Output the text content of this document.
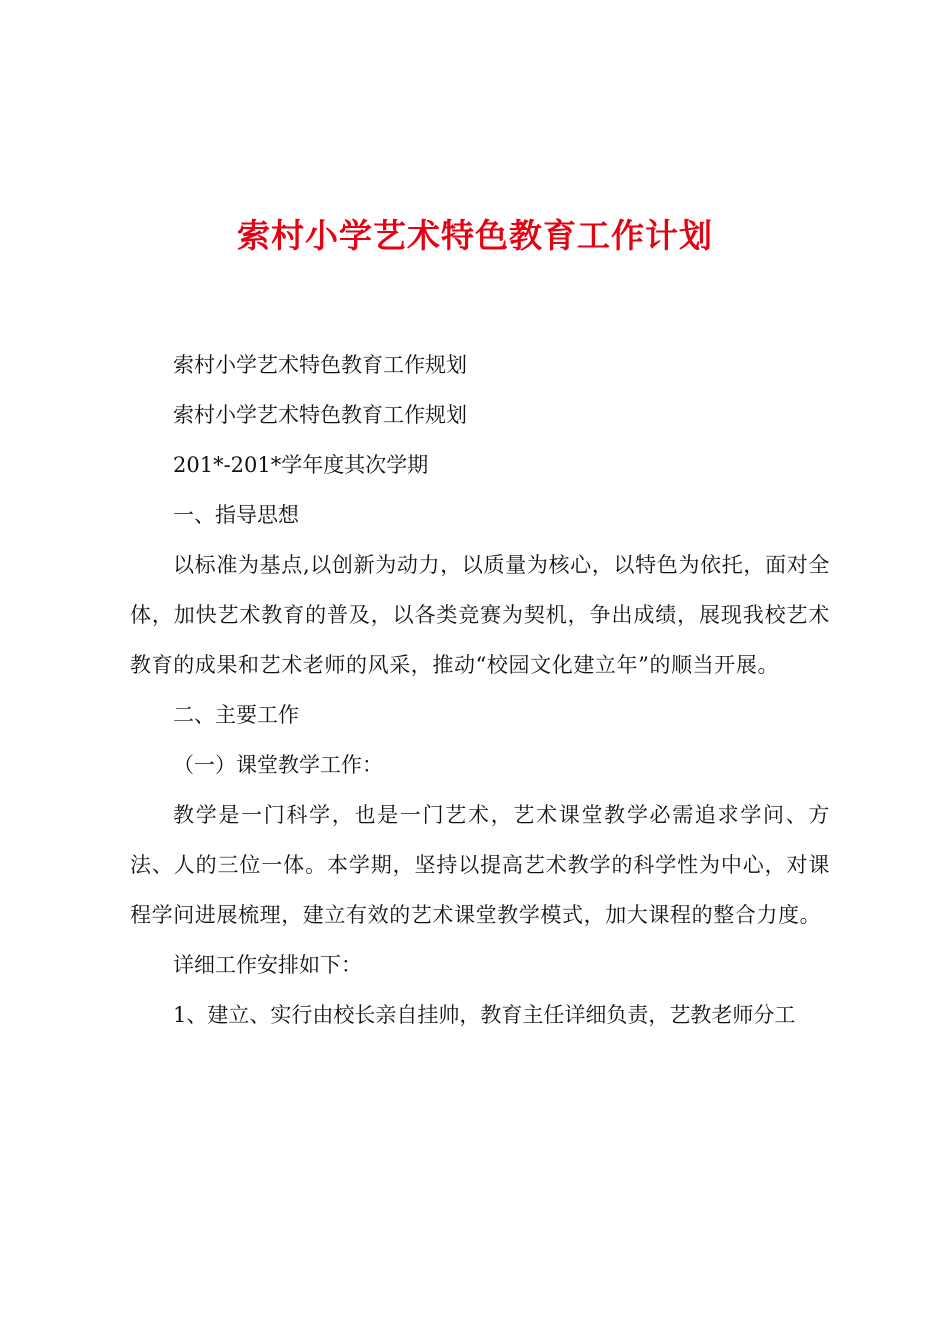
索村小学艺术特色教育工作计划

索村小学艺术特色教育工作规划

索村小学艺术特色教育工作规划

201*-201*学年度其次学期

一、指导思想

以标准为基点,以创新为动力，以质量为核心，以特色为依托，面对全体，加快艺术教育的普及，以各类竞赛为契机，争出成绩，展现我校艺术教育的成果和艺术老师的风采，推动“校园文化建立年”的顺当开展。

二、主要工作

（一）课堂教学工作：

教学是一门科学，也是一门艺术，艺术课堂教学必需追求学问、方法、人的三位一体。本学期，坚持以提高艺术教学的科学性为中心，对课程学问进展梳理，建立有效的艺术课堂教学模式，加大课程的整合力度。

详细工作安排如下：

1、建立、实行由校长亲自挂帅，教育主任详细负责，艺教老师分工
